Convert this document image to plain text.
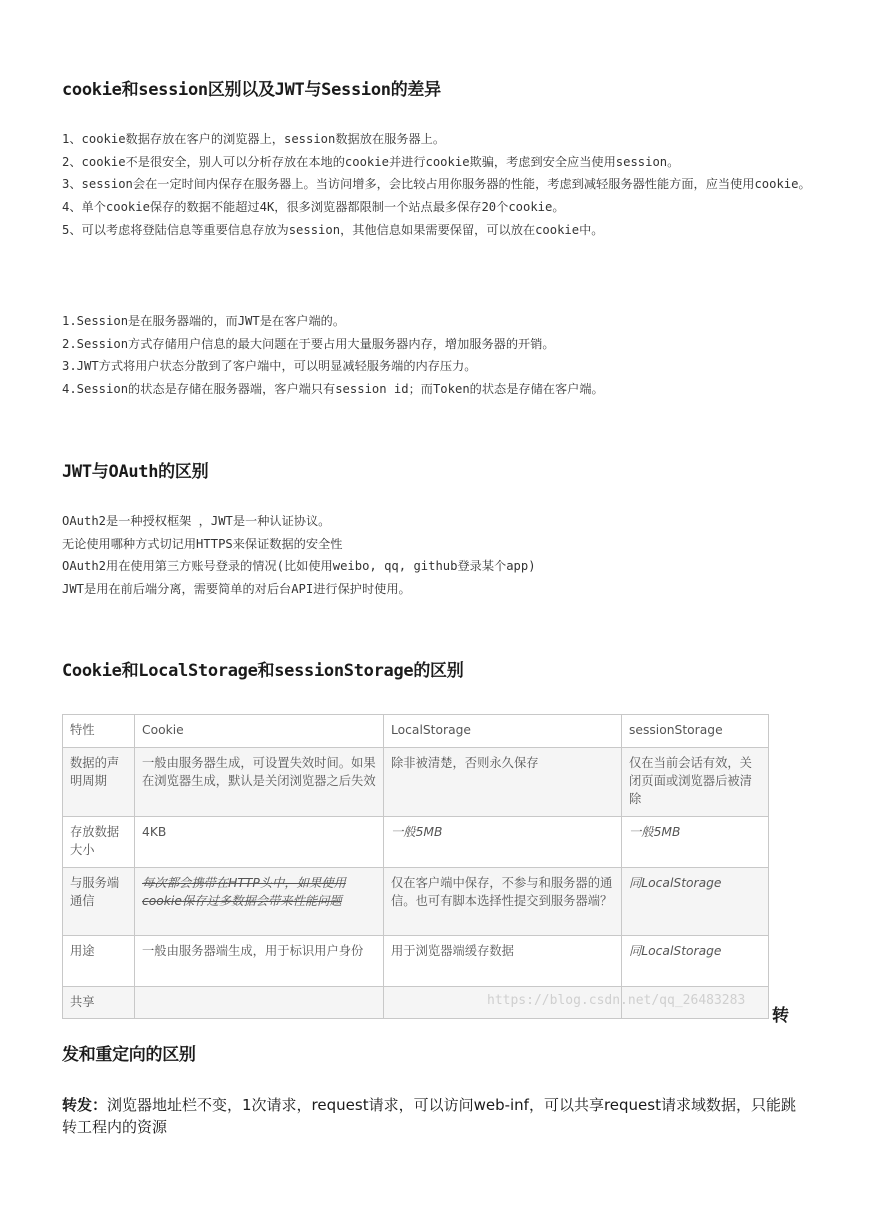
cookie和session区别以及JWT与Session的差异

1、cookie数据存放在客户的浏览器上，session数据放在服务器上。

2、cookie不是很安全，别人可以分析存放在本地的cookie并进行cookie欺骗，考虑到安全应当使用session。

3、session会在一定时间内保存在服务器上。当访问增多，会比较占用你服务器的性能，考虑到减轻服务器性能方面，应当使用cookie。

4、单个cookie保存的数据不能超过4K，很多浏览器都限制一个站点最多保存20个cookie。

5、可以考虑将登陆信息等重要信息存放为session，其他信息如果需要保留，可以放在cookie中。

1.Session是在服务器端的，而JWT是在客户端的。

2.Session方式存储用户信息的最大问题在于要占用大量服务器内存，增加服务器的开销。

3.JWT方式将用户状态分散到了客户端中，可以明显减轻服务端的内存压力。

4.Session的状态是存储在服务器端，客户端只有session id；而Token的状态是存储在客户端。

JWT与OAuth的区别

OAuth2是一种授权框架 ，JWT是一种认证协议。

无论使用哪种方式切记用HTTPS来保证数据的安全性

OAuth2用在使用第三方账号登录的情况(比如使用weibo, qq, github登录某个app)

JWT是用在前后端分离，需要简单的对后台API进行保护时使用。

Cookie和LocalStorage和sessionStorage的区别
特性	Cookie	LocalStorage	sessionStorage
数据的声明周期	一般由服务器生成，可设置失效时间。如果在浏览器生成，默认是关闭浏览器之后失效	除非被清楚，否则永久保存	仅在当前会话有效，关闭页面或浏览器后被清除
存放数据大小	4KB	一般5MB	一般5MB
与服务端通信	每次都会携带在HTTP头中，如果使用cookie保存过多数据会带来性能问题	仅在客户端中保存，不参与和服务器的通信。也可有脚本选择性提交到服务器端？	同LocalStorage
用途	一般由服务器端生成，用于标识用户身份	用于浏览器端缓存数据	同LocalStorage
共享				https://blog.csdn.net/qq_26483283
转
发和重定向的区别
转发：浏览器地址栏不变，1次请求，request请求，可以访问web-inf，可以共享request请求域数据，只能跳转工程内的资源
